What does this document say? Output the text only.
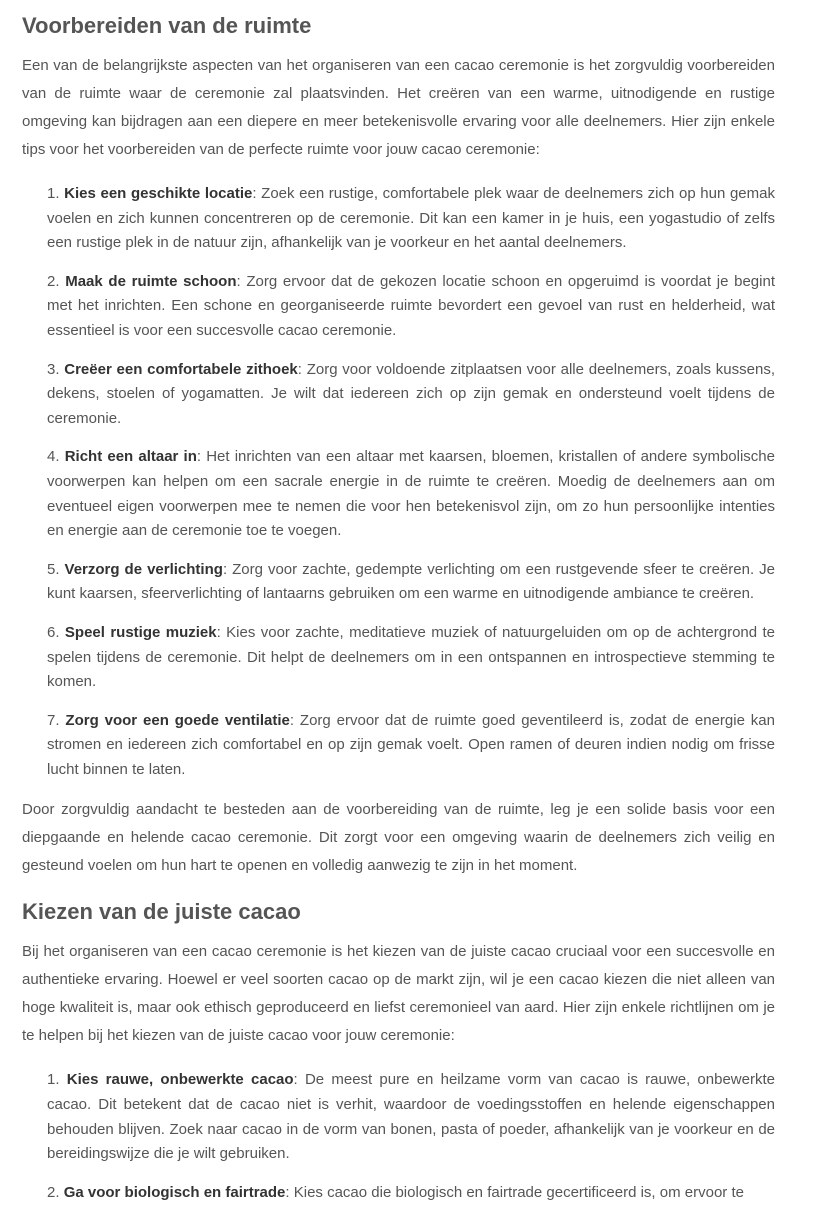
Voorbereiden van de ruimte

Een van de belangrijkste aspecten van het organiseren van een cacao ceremonie is het zorgvuldig voorbereiden van de ruimte waar de ceremonie zal plaatsvinden. Het creëren van een warme, uitnodigende en rustige omgeving kan bijdragen aan een diepere en meer betekenisvolle ervaring voor alle deelnemers. Hier zijn enkele tips voor het voorbereiden van de perfecte ruimte voor jouw cacao ceremonie:

1. Kies een geschikte locatie: Zoek een rustige, comfortabele plek waar de deelnemers zich op hun gemak voelen en zich kunnen concentreren op de ceremonie. Dit kan een kamer in je huis, een yogastudio of zelfs een rustige plek in de natuur zijn, afhankelijk van je voorkeur en het aantal deelnemers.
2. Maak de ruimte schoon: Zorg ervoor dat de gekozen locatie schoon en opgeruimd is voordat je begint met het inrichten. Een schone en georganiseerde ruimte bevordert een gevoel van rust en helderheid, wat essentieel is voor een succesvolle cacao ceremonie.
3. Creëer een comfortabele zithoek: Zorg voor voldoende zitplaatsen voor alle deelnemers, zoals kussens, dekens, stoelen of yogamatten. Je wilt dat iedereen zich op zijn gemak en ondersteund voelt tijdens de ceremonie.
4. Richt een altaar in: Het inrichten van een altaar met kaarsen, bloemen, kristallen of andere symbolische voorwerpen kan helpen om een sacrale energie in de ruimte te creëren. Moedig de deelnemers aan om eventueel eigen voorwerpen mee te nemen die voor hen betekenisvol zijn, om zo hun persoonlijke intenties en energie aan de ceremonie toe te voegen.
5. Verzorg de verlichting: Zorg voor zachte, gedempte verlichting om een rustgevende sfeer te creëren. Je kunt kaarsen, sfeerverlichting of lantaarns gebruiken om een warme en uitnodigende ambiance te creëren.
6. Speel rustige muziek: Kies voor zachte, meditatieve muziek of natuurgeluiden om op de achtergrond te spelen tijdens de ceremonie. Dit helpt de deelnemers om in een ontspannen en introspectieve stemming te komen.
7. Zorg voor een goede ventilatie: Zorg ervoor dat de ruimte goed geventileerd is, zodat de energie kan stromen en iedereen zich comfortabel en op zijn gemak voelt. Open ramen of deuren indien nodig om frisse lucht binnen te laten.

Door zorgvuldig aandacht te besteden aan de voorbereiding van de ruimte, leg je een solide basis voor een diepgaande en helende cacao ceremonie. Dit zorgt voor een omgeving waarin de deelnemers zich veilig en gesteund voelen om hun hart te openen en volledig aanwezig te zijn in het moment.

Kiezen van de juiste cacao

Bij het organiseren van een cacao ceremonie is het kiezen van de juiste cacao cruciaal voor een succesvolle en authentieke ervaring. Hoewel er veel soorten cacao op de markt zijn, wil je een cacao kiezen die niet alleen van hoge kwaliteit is, maar ook ethisch geproduceerd en liefst ceremonieel van aard. Hier zijn enkele richtlijnen om je te helpen bij het kiezen van de juiste cacao voor jouw ceremonie:

1. Kies rauwe, onbewerkte cacao: De meest pure en heilzame vorm van cacao is rauwe, onbewerkte cacao. Dit betekent dat de cacao niet is verhit, waardoor de voedingsstoffen en helende eigenschappen behouden blijven. Zoek naar cacao in de vorm van bonen, pasta of poeder, afhankelijk van je voorkeur en de bereidingswijze die je wilt gebruiken.
2. Ga voor biologisch en fairtrade: Kies cacao die biologisch en fairtrade gecertificeerd is, om ervoor te
